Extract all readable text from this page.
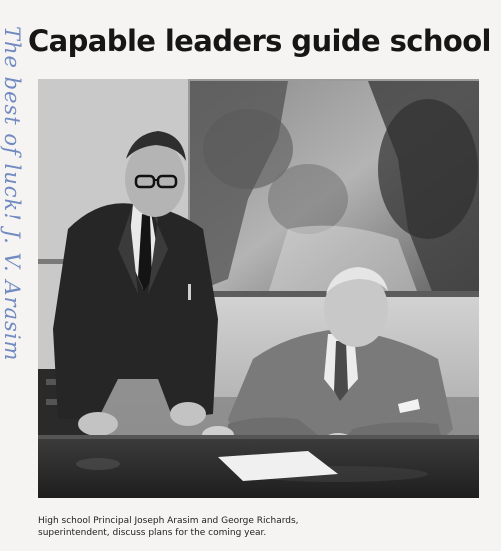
The best of luck! J. V. Arasim Capable leaders guide school

High school Principal Joseph Arasim and George Richards,
superintendent, discuss plans for the coming year.
